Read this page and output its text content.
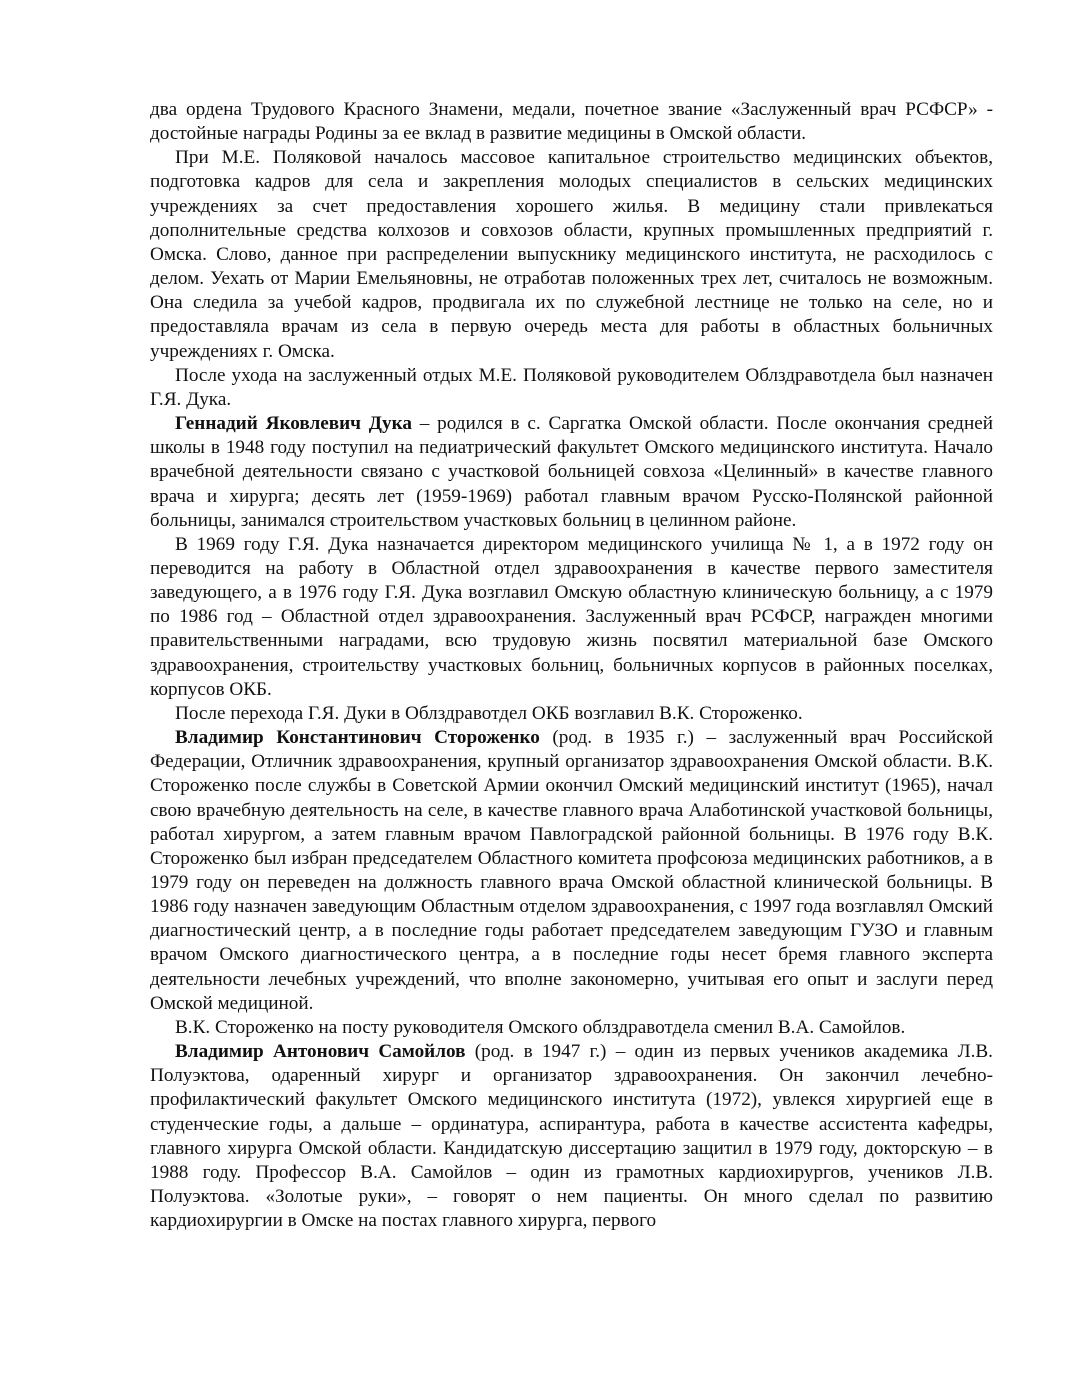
два ордена Трудового Красного Знамени, медали, почетное звание «Заслуженный врач РСФСР» - достойные награды Родины за ее вклад в развитие медицины в Омской области.

При М.Е. Поляковой началось массовое капитальное строительство медицинских объектов, подготовка кадров для села и закрепления молодых специалистов в сельских медицинских учреждениях за счет предоставления хорошего жилья. В медицину стали привлекаться дополнительные средства колхозов и совхозов области, крупных промышленных предприятий г. Омска. Слово, данное при распределении выпускнику медицинского института, не расходилось с делом. Уехать от Марии Емельяновны, не отработав положенных трех лет, считалось не возможным. Она следила за учебой кадров, продвигала их по служебной лестнице не только на селе, но и предоставляла врачам из села в первую очередь места для работы в областных больничных учреждениях г. Омска.

После ухода на заслуженный отдых М.Е. Поляковой руководителем Облздравотдела был назначен Г.Я. Дука.

Геннадий Яковлевич Дука – родился в с. Саргатка Омской области. После окончания средней школы в 1948 году поступил на педиатрический факультет Омского медицинского института. Начало врачебной деятельности связано с участковой больницей совхоза «Целинный» в качестве главного врача и хирурга; десять лет (1959-1969) работал главным врачом Русско-Полянской районной больницы, занимался строительством участковых больниц в целинном районе.

В 1969 году Г.Я. Дука назначается директором медицинского училища № 1, а в 1972 году он переводится на работу в Областной отдел здравоохранения в качестве первого заместителя заведующего, а в 1976 году Г.Я. Дука возглавил Омскую областную клиническую больницу, а с 1979 по 1986 год – Областной отдел здравоохранения. Заслуженный врач РСФСР, награжден многими правительственными наградами, всю трудовую жизнь посвятил материальной базе Омского здравоохранения, строительству участковых больниц, больничных корпусов в районных поселках, корпусов ОКБ.

После перехода Г.Я. Дуки в Облздравотдел ОКБ возглавил В.К. Стороженко.

Владимир Константинович Стороженко (род. в 1935 г.) – заслуженный врач Российской Федерации, Отличник здравоохранения, крупный организатор здравоохранения Омской области. В.К. Стороженко после службы в Советской Армии окончил Омский медицинский институт (1965), начал свою врачебную деятельность на селе, в качестве главного врача Алаботинской участковой больницы, работал хирургом, а затем главным врачом Павлоградской районной больницы. В 1976 году В.К. Стороженко был избран председателем Областного комитета профсоюза медицинских работников, а в 1979 году он переведен на должность главного врача Омской областной клинической больницы. В 1986 году назначен заведующим Областным отделом здравоохранения, с 1997 года возглавлял Омский диагностический центр, а в последние годы работает председателем заведующим ГУЗО и главным врачом Омского диагностического центра, а в последние годы несет бремя главного эксперта деятельности лечебных учреждений, что вполне закономерно, учитывая его опыт и заслуги перед Омской медициной.

В.К. Стороженко на посту руководителя Омского облздравотдела сменил В.А. Самойлов.

Владимир Антонович Самойлов (род. в 1947 г.) – один из первых учеников академика Л.В. Полуэктова, одаренный хирург и организатор здравоохранения. Он закончил лечебно-профилактический факультет Омского медицинского института (1972), увлекся хирургией еще в студенческие годы, а дальше – ординатура, аспирантура, работа в качестве ассистента кафедры, главного хирурга Омской области. Кандидатскую диссертацию защитил в 1979 году, докторскую – в 1988 году. Профессор В.А. Самойлов – один из грамотных кардиохирургов, учеников Л.В. Полуэктова. «Золотые руки», – говорят о нем пациенты. Он много сделал по развитию кардиохирургии в Омске на постах главного хирурга, первого
